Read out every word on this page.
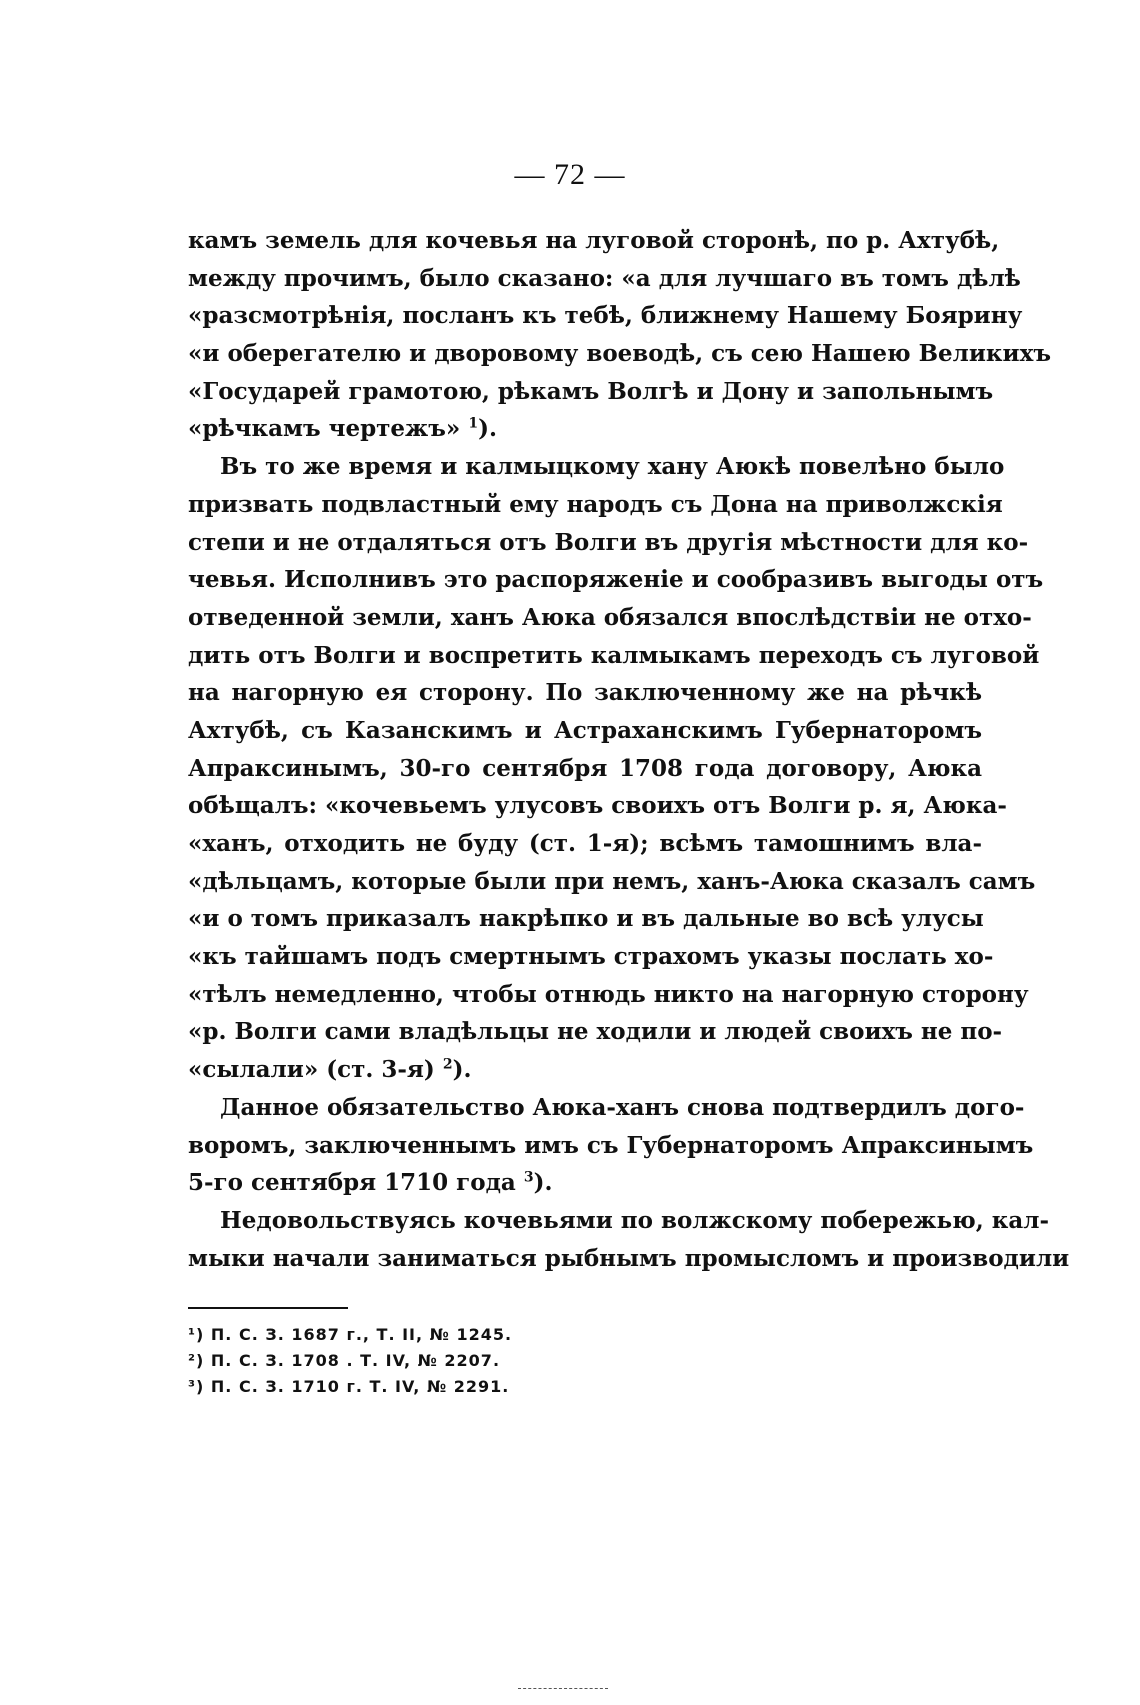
— 72 —
камъ земель для кочевья на луговой сторонѣ, по р. Ахтубѣ,
между прочимъ, было сказано: «а для лучшаго въ томъ дѣлѣ
«разсмотрѣнія, посланъ къ тебѣ, ближнему Нашему Боярину
«и оберегателю и дворовому воеводѣ, съ сею Нашею Великихъ
«Государей грамотою, рѣкамъ Волгѣ и Дону и запольнымъ
«рѣчкамъ чертежъ» $^1$).
Въ то же время и калмыцкому хану Аюкѣ повелѣно было
призвать подвластный ему народъ съ Дона на приволжскія
степи и не отдаляться отъ Волги въ другія мѣстности для ко-
чевья. Исполнивъ это распоряженіе и сообразивъ выгоды отъ
отведенной земли, ханъ Аюка обязался впослѣдствіи не отхо-
дить отъ Волги и воспретить калмыкамъ переходъ съ луговой
на нагорную ея сторону. По заключенному же на рѣчкѣ
Ахтубѣ, съ Казанскимъ и Астраханскимъ Губернаторомъ
Апраксинымъ, 30-го сентября 1708 года договору, Аюка
обѣщалъ: «кочевьемъ улусовъ своихъ отъ Волги р. я, Аюка-
«ханъ, отходить не буду (ст. 1-я); всѣмъ тамошнимъ вла-
«дѣльцамъ, которые были при немъ, ханъ-Аюка сказалъ самъ
«и о томъ приказалъ накрѣпко и въ дальные во всѣ улусы
«къ тайшамъ подъ смертнымъ страхомъ указы послать хо-
«тѣлъ немедленно, чтобы отнюдь никто на нагорную сторону
«р. Волги сами владѣльцы не ходили и людей своихъ не по-
«сылали» (ст. 3-я) $^2$).
Данное обязательство Аюка-ханъ снова подтвердилъ дого-
воромъ, заключеннымъ имъ съ Губернаторомъ Апраксинымъ
5-го сентября 1710 года $^3$).
Недовольствуясь кочевьями по волжскому побережью, кал-
мыки начали заниматься рыбнымъ промысломъ и производили
¹) П. С. З. 1687 г., Т. II, № 1245.
²) П. С. З. 1708 . Т. IV, № 2207.
³) П. С. З. 1710 г. Т. IV, № 2291.
